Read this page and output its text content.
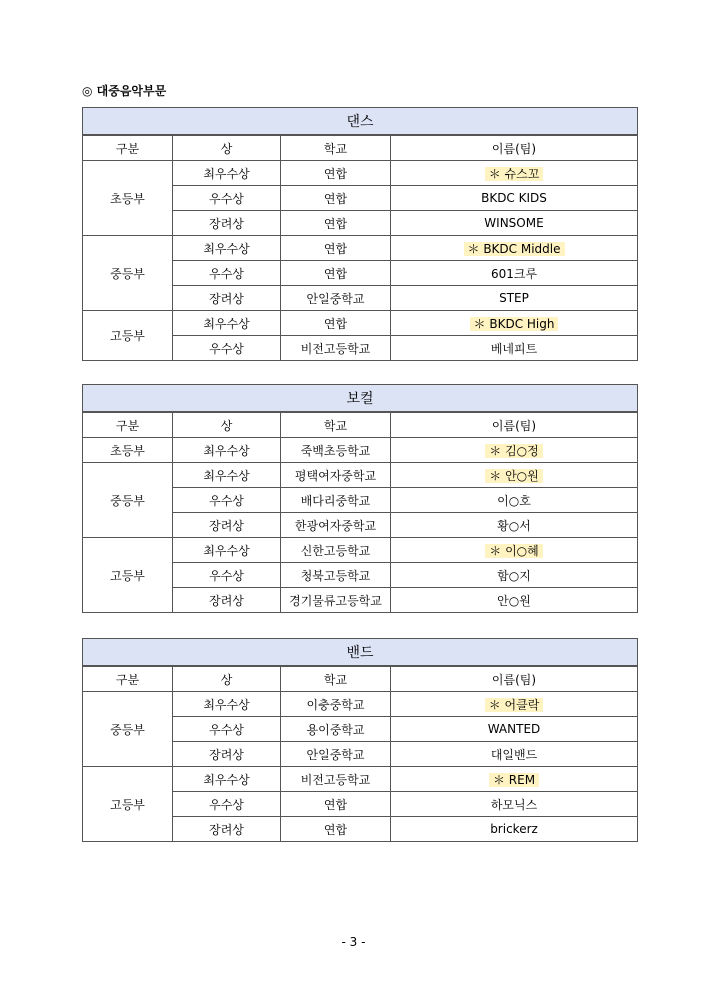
◎ 대중음악부문
댄스			
구분	상	학교	이름(팀)
초등부	최우수상	연합	＊ 슈스꼬
	우수상	연합	BKDC KIDS
	장려상	연합	WINSOME
중등부	최우수상	연합	＊ BKDC Middle
	우수상	연합	601크루
	장려상	안일중학교	STEP
고등부	최우수상	연합	＊ BKDC High
	우수상	비전고등학교	베네피트
보컬			
구분	상	학교	이름(팀)
초등부	최우수상	죽백초등학교	＊ 김○정
중등부	최우수상	평택여자중학교	＊ 안○원
	우수상	배다리중학교	이○호
	장려상	한광여자중학교	황○서
고등부	최우수상	신한고등학교	＊ 이○혜
	우수상	청북고등학교	함○지
	장려상	경기물류고등학교	안○원
밴드			
구분	상	학교	이름(팀)
중등부	최우수상	이충중학교	＊ 어클락
	우수상	용이중학교	WANTED
	장려상	안일중학교	대일밴드
고등부	최우수상	비전고등학교	＊ REM
	우수상	연합	하모닉스
	장려상	연합	brickerz
- 3 -
